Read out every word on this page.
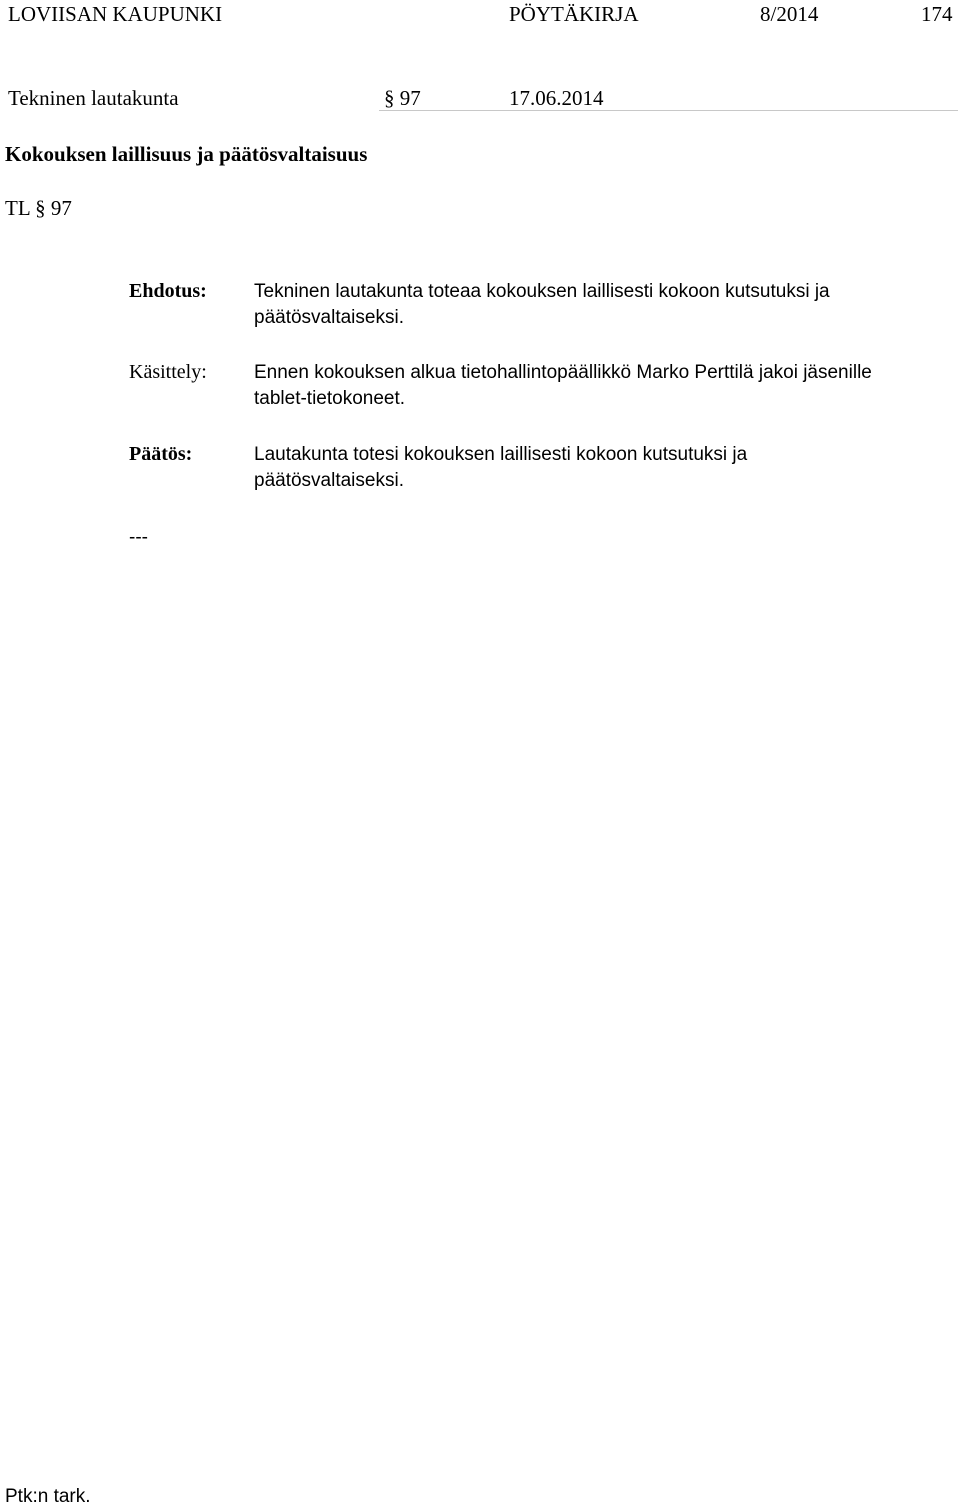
LOVIISAN KAUPUNKI	PÖYTÄKIRJA	8/2014	174
Tekninen lautakunta	§ 97	17.06.2014
Kokouksen laillisuus ja päätösvaltaisuus
TL § 97
Ehdotus: Tekninen lautakunta toteaa kokouksen laillisesti kokoon kutsutuksi ja päätösvaltaiseksi.
Käsittely: Ennen kokouksen alkua tietohallintopäällikkö Marko Perttilä jakoi jäsenille tablet-tietokoneet.
Päätös:	Lautakunta totesi kokouksen laillisesti kokoon kutsutuksi ja päätösvaltaiseksi.
---
Ptk:n tark.
